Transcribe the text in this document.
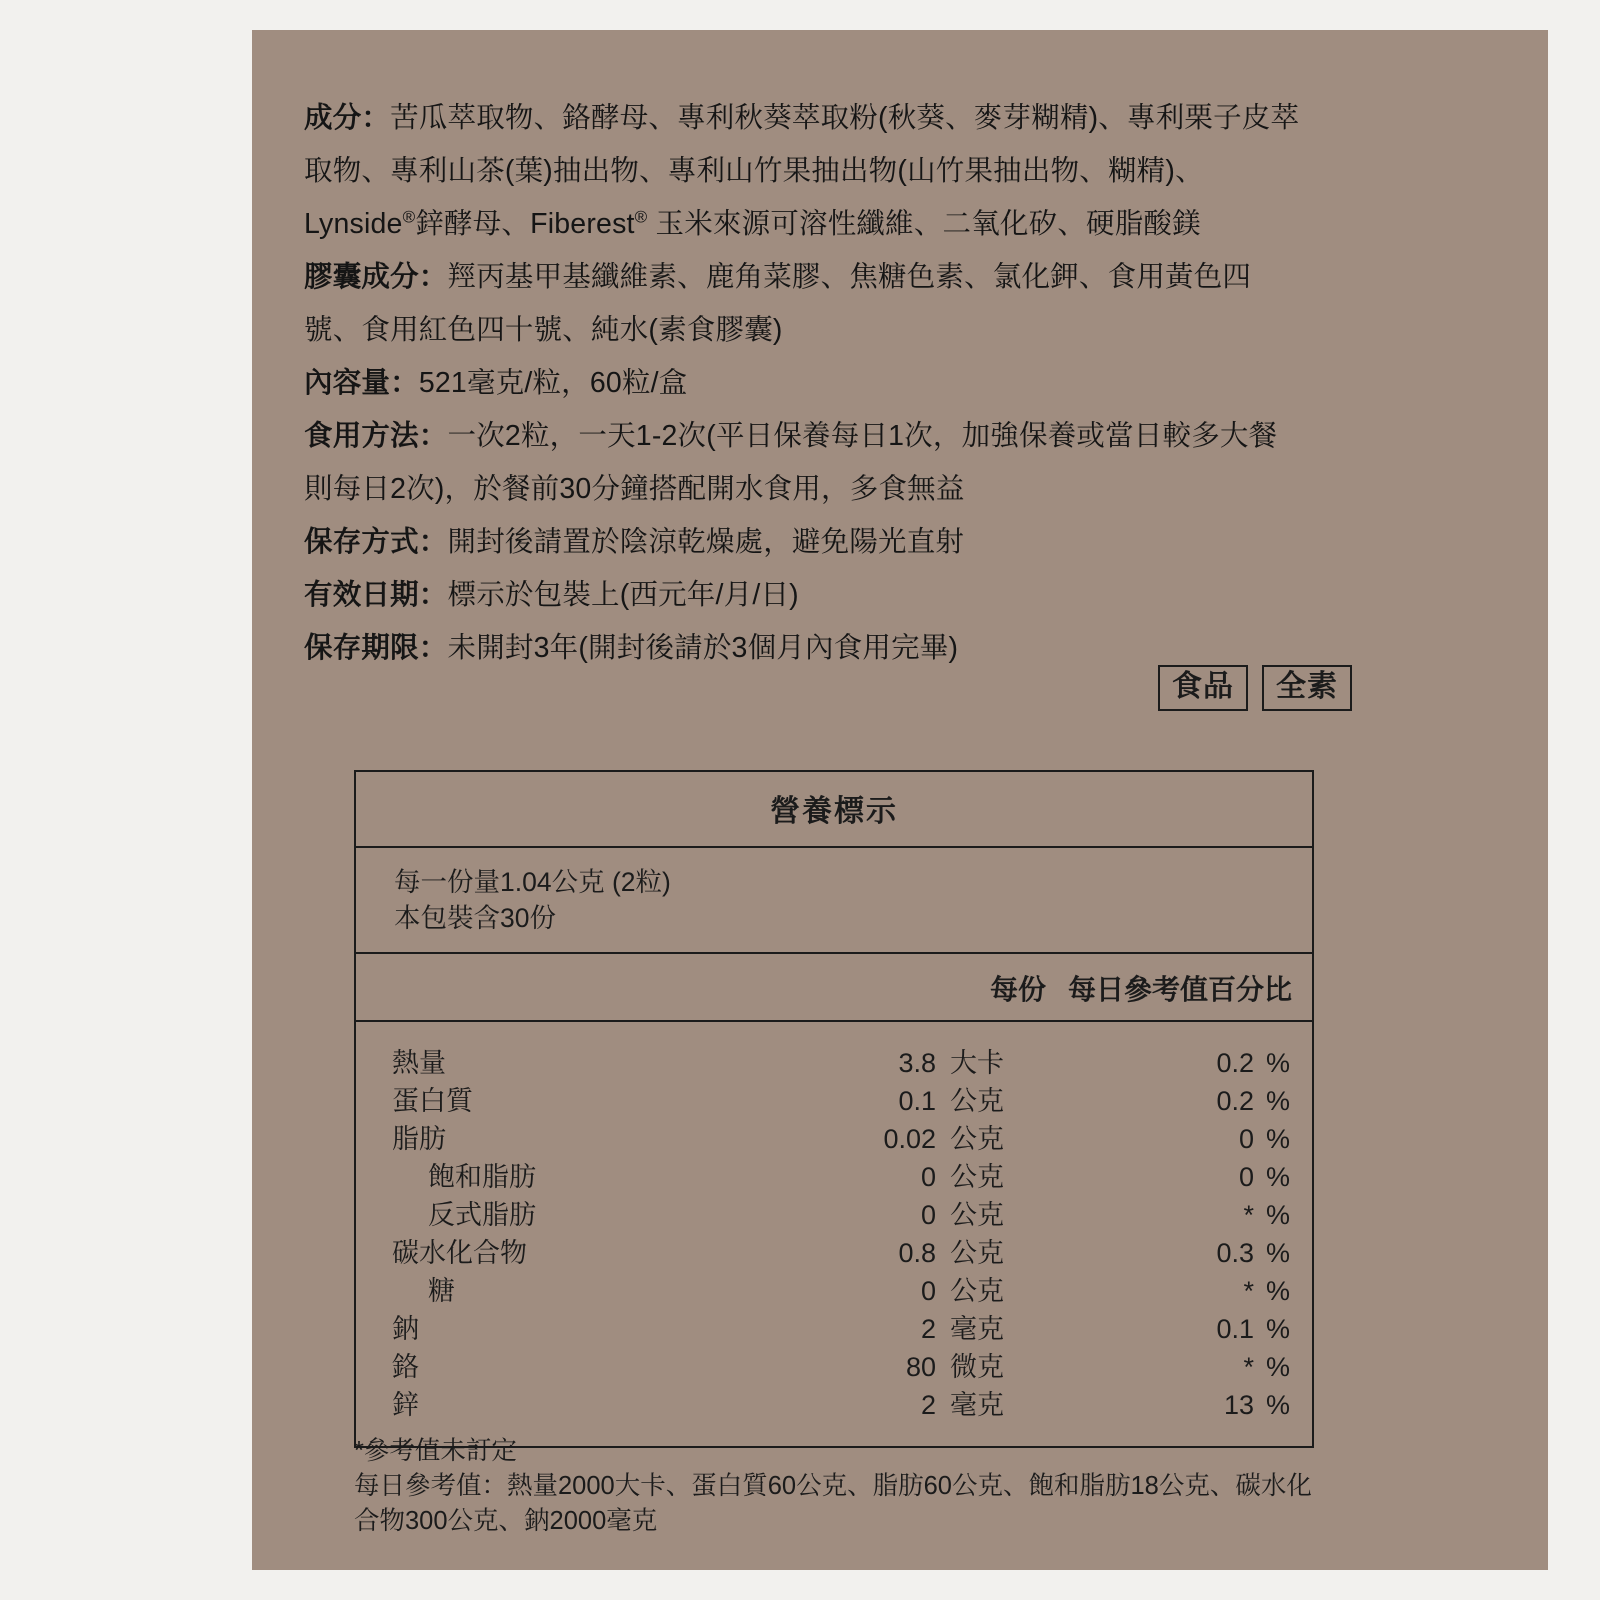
成分：苦瓜萃取物、鉻酵母、專利秋葵萃取粉(秋葵、麥芽糊精)、專利栗子皮萃取物、專利山茶(葉)抽出物、專利山竹果抽出物(山竹果抽出物、糊精)、Lynside®鋅酵母、Fiberest® 玉米來源可溶性纖維、二氧化矽、硬脂酸鎂
膠囊成分：羥丙基甲基纖維素、鹿角菜膠、焦糖色素、氯化鉀、食用黃色四號、食用紅色四十號、純水(素食膠囊)
內容量：521毫克/粒，60粒/盒
食用方法：一次2粒，一天1-2次(平日保養每日1次，加強保養或當日較多大餐則每日2次)，於餐前30分鐘搭配開水食用，多食無益
保存方式：開封後請置於陰涼乾燥處，避免陽光直射
有效日期：標示於包裝上(西元年/月/日)
保存期限：未開封3年(開封後請於3個月內食用完畢)
食品	全素
營養標示
每一份量1.04公克 (2粒)
本包裝含30份
每份 每日參考值百分比
熱量	3.8 大卡	0.2 %
蛋白質	0.1 公克	0.2 %
脂肪	0.02 公克	0 %
飽和脂肪	0 公克	0 %
反式脂肪	0 公克	* %
碳水化合物	0.8 公克	0.3 %
糖	0 公克	* %
鈉	2 毫克	0.1 %
鉻	80 微克	* %
鋅	2 毫克	13 %
*參考值未訂定
每日參考值：熱量2000大卡、蛋白質60公克、脂肪60公克、飽和脂肪18公克、碳水化合物300公克、鈉2000毫克
